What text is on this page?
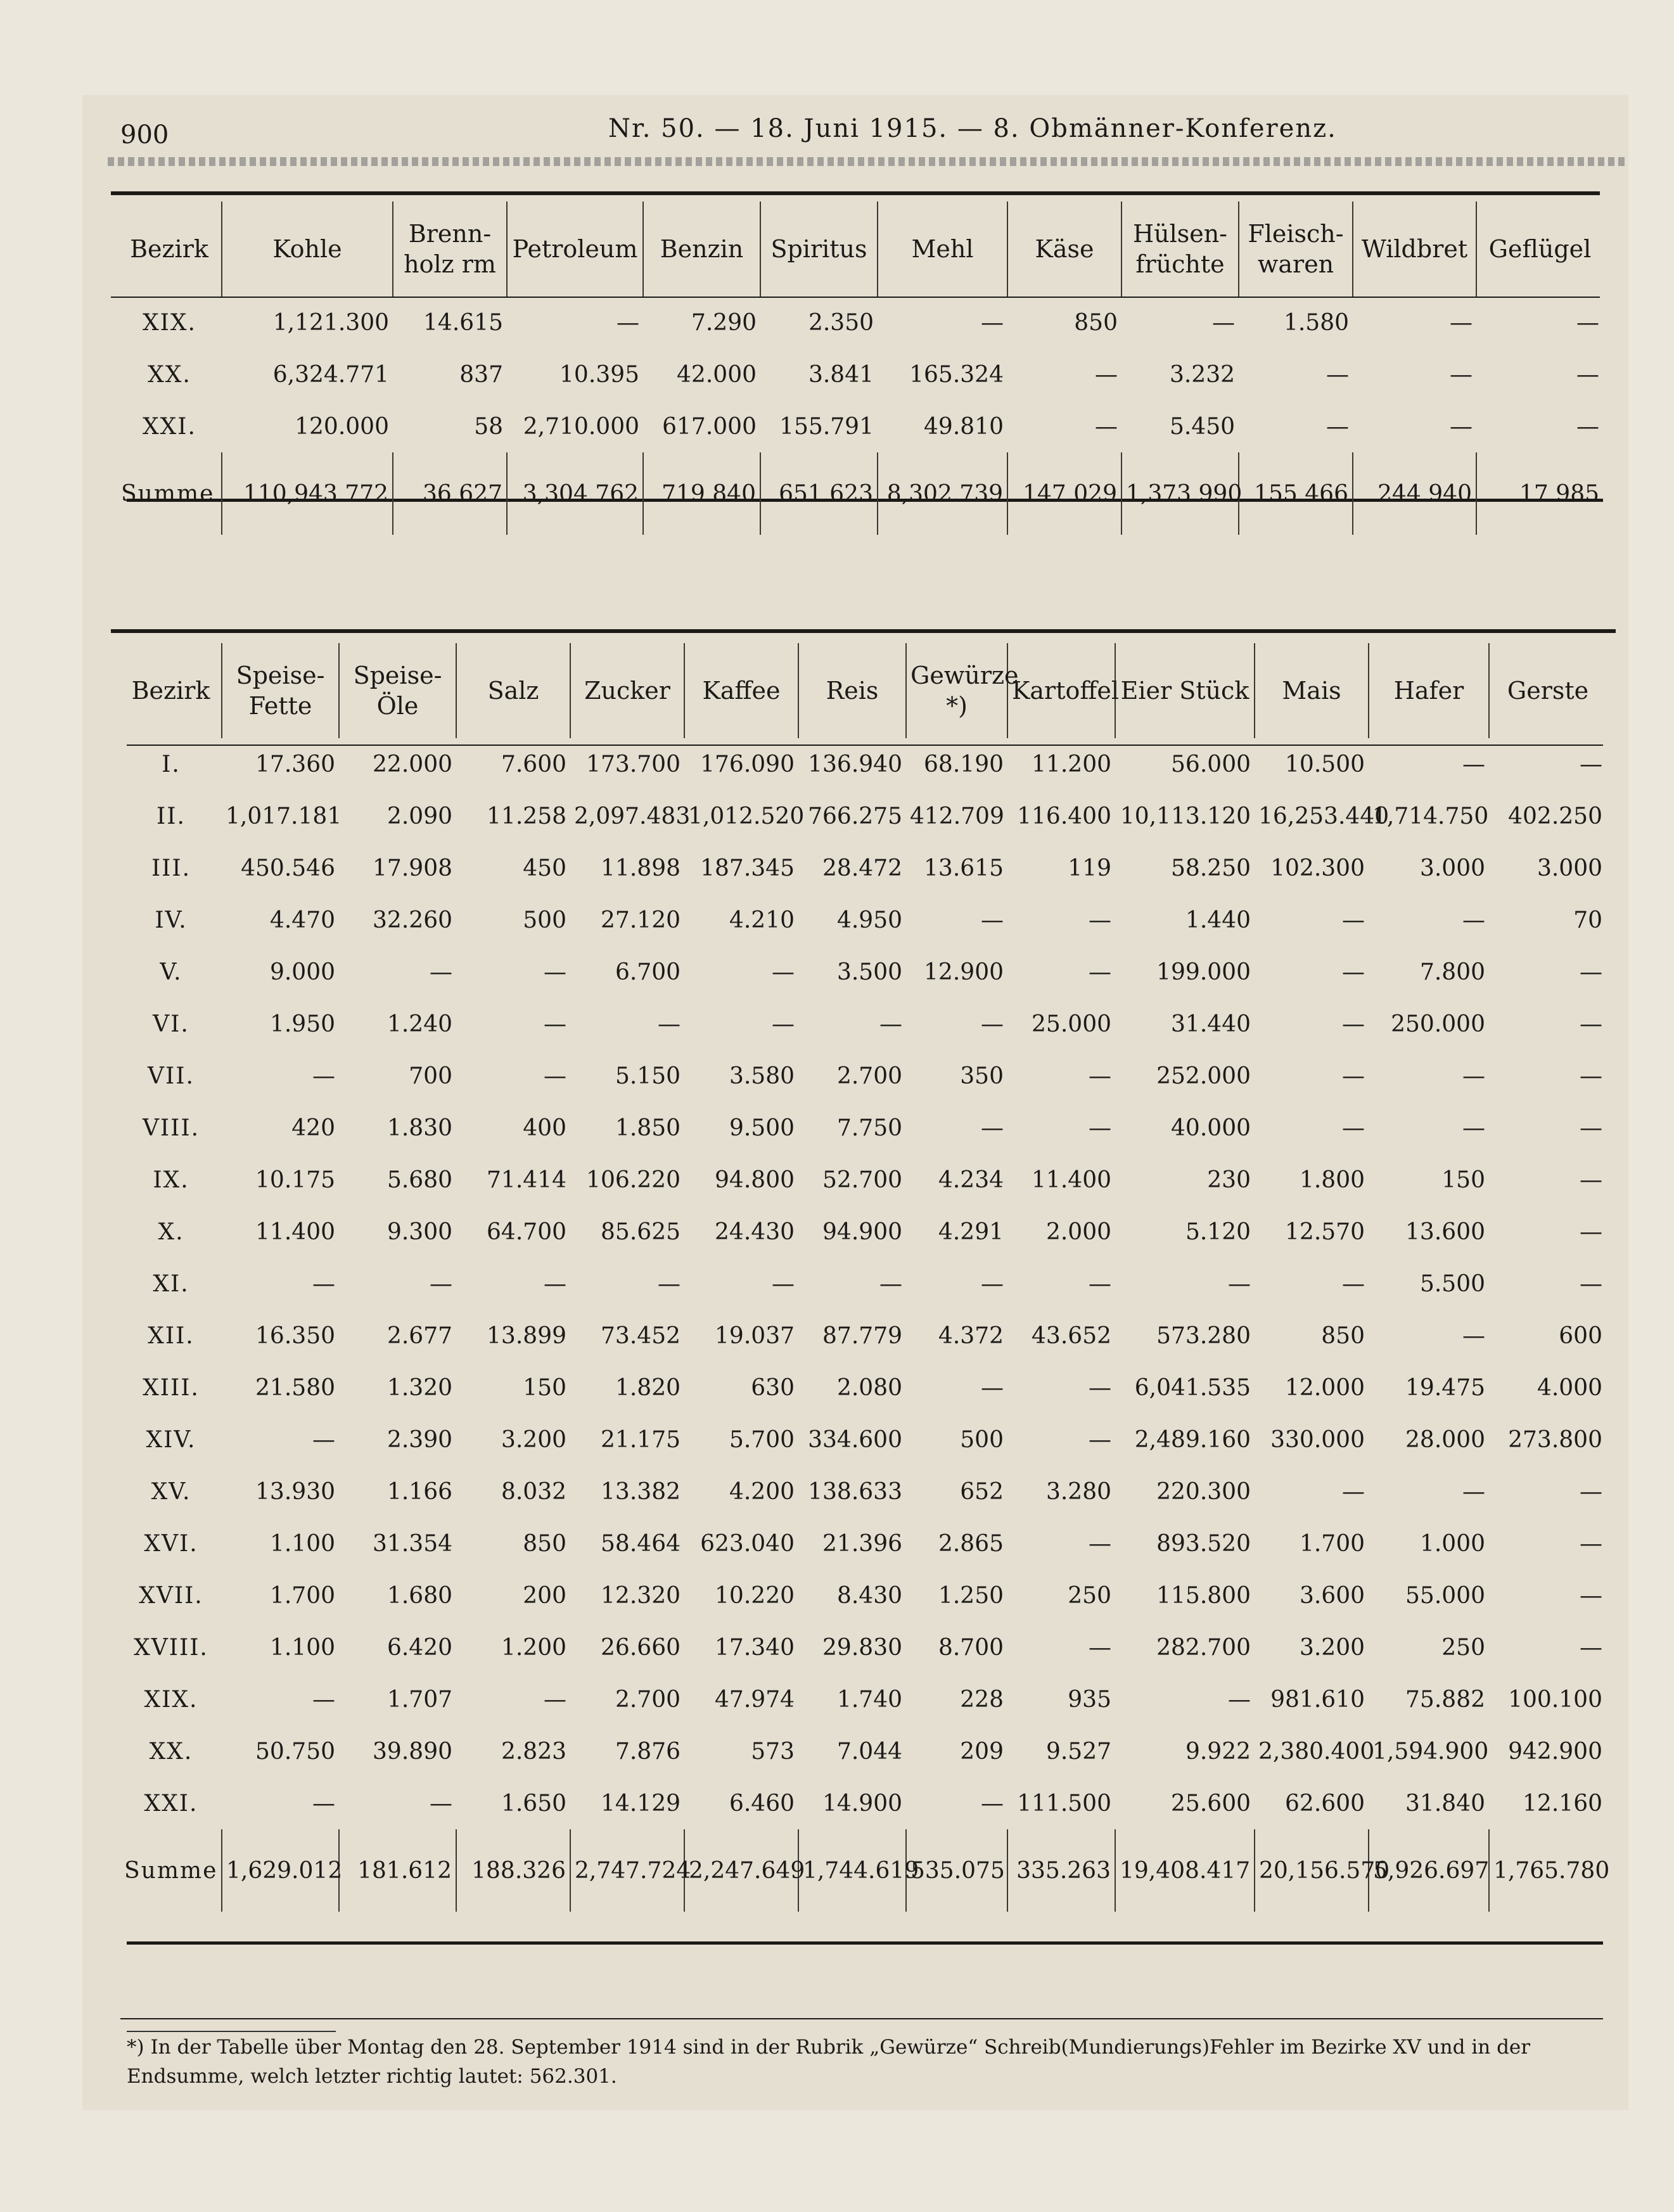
900	Nr. 50. — 18. Juni 1915. — 8. Obmänner-Konferenz.
Bezirk	Kohle	Brenn-holz rm	Petroleum	Benzin	Spiritus	Mehl	Käse	Hülsen-früchte	Fleisch-waren	Wildbret	Geflügel
XIX.	1,121.300	14.615	—	7.290	2.350	—	850	—	1.580	—	—
XX.	6,324.771	837	10.395	42.000	3.841	165.324	—	3.232	—	—	—
XXI.	120.000	58	2,710.000	617.000	155.791	49.810	—	5.450	—	—	—
Summe	110,943.772	36.627	3,304.762	719.840	651.623	8,302.739	147.029	1,373.990	155.466	244.940	17.985
Bezirk	Speise-Fette	Speise-Öle	Salz	Zucker	Kaffee	Reis	Gewürze *)	Kartoffel	Eier Stück	Mais	Hafer	Gerste
I.	17.360	22.000	7.600	173.700	176.090	136.940	68.190	11.200	56.000	10.500	—	—
II.	1,017.181	2.090	11.258	2,097.483	1,012.520	766.275	412.709	116.400	10,113.120	16,253.440	1,714.750	402.250
III.	450.546	17.908	450	11.898	187.345	28.472	13.615	119	58.250	102.300	3.000	3.000
IV.	4.470	32.260	500	27.120	4.210	4.950	—	—	1.440	—	—	70
V.	9.000	—	—	6.700	—	3.500	12.900	—	199.000	—	7.800	—
VI.	1.950	1.240	—	—	—	—	—	25.000	31.440	—	250.000	—
VII.	—	700	—	5.150	3.580	2.700	350	—	252.000	—	—	—
VIII.	420	1.830	400	1.850	9.500	7.750	—	—	40.000	—	—	—
IX.	10.175	5.680	71.414	106.220	94.800	52.700	4.234	11.400	230	1.800	150	—
X.	11.400	9.300	64.700	85.625	24.430	94.900	4.291	2.000	5.120	12.570	13.600	—
XI.	—	—	—	—	—	—	—	—	—	—	5.500	—
XII.	16.350	2.677	13.899	73.452	19.037	87.779	4.372	43.652	573.280	850	—	600
XIII.	21.580	1.320	150	1.820	630	2.080	—	—	6,041.535	12.000	19.475	4.000
XIV.	—	2.390	3.200	21.175	5.700	334.600	500	—	2,489.160	330.000	28.000	273.800
XV.	13.930	1.166	8.032	13.382	4.200	138.633	652	3.280	220.300	—	—	—
XVI.	1.100	31.354	850	58.464	623.040	21.396	2.865	—	893.520	1.700	1.000	—
XVII.	1.700	1.680	200	12.320	10.220	8.430	1.250	250	115.800	3.600	55.000	—
XVIII.	1.100	6.420	1.200	26.660	17.340	29.830	8.700	—	282.700	3.200	250	—
XIX.	—	1.707	—	2.700	47.974	1.740	228	935	—	981.610	75.882	100.100
XX.	50.750	39.890	2.823	7.876	573	7.044	209	9.527	9.922	2,380.400	1,594.900	942.900
XXI.	—	—	1.650	14.129	6.460	14.900	—	111.500	25.600	62.600	31.840	12.160
Summe	1,629.012	181.612	188.326	2,747.724	2,247.649	1,744.619	535.075	335.263	19,408.417	20,156.570	5,926.697	1,765.780
*) In der Tabelle über Montag den 28. September 1914 sind in der Rubrik „Gewürze“ Schreib(Mundierungs)Fehler im Bezirke XV und in der Endsumme, welch letzter richtig lautet: 562.301.
